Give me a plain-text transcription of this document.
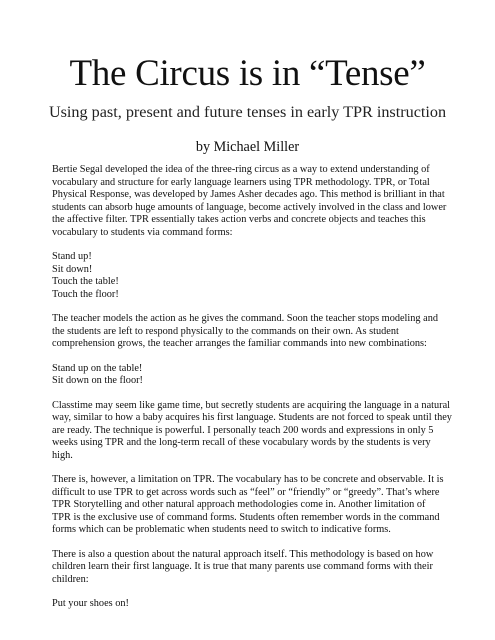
The Circus is in “Tense”
Using past, present and future tenses in early TPR instruction
by Michael Miller

Bertie Segal developed the idea of the three-ring circus as a way to extend understanding of
vocabulary and structure for early language learners using TPR methodology. TPR, or Total
Physical Response, was developed by James Asher decades ago. This method is brilliant in that
students can absorb huge amounts of language, become actively involved in the class and lower
the affective filter. TPR essentially takes action verbs and concrete objects and teaches this
vocabulary to students via command forms:

Stand up!
Sit down!
Touch the table!
Touch the floor!

The teacher models the action as he gives the command. Soon the teacher stops modeling and
the students are left to respond physically to the commands on their own. As student
comprehension grows, the teacher arranges the familiar commands into new combinations:

Stand up on the table!
Sit down on the floor!

Classtime may seem like game time, but secretly students are acquiring the language in a natural
way, similar to how a baby acquires his first language. Students are not forced to speak until they
are ready. The technique is powerful. I personally teach 200 words and expressions in only 5
weeks using TPR and the long-term recall of these vocabulary words by the students is very
high.

There is, however, a limitation on TPR. The vocabulary has to be concrete and observable. It is
difficult to use TPR to get across words such as “feel” or “friendly” or “greedy”. That’s where
TPR Storytelling and other natural approach methodologies come in. Another limitation of
TPR is the exclusive use of command forms. Students often remember words in the command
forms which can be problematic when students need to switch to indicative forms.

There is also a question about the natural approach itself. This methodology is based on how
children learn their first language. It is true that many parents use command forms with their
children:

Put your shoes on!
